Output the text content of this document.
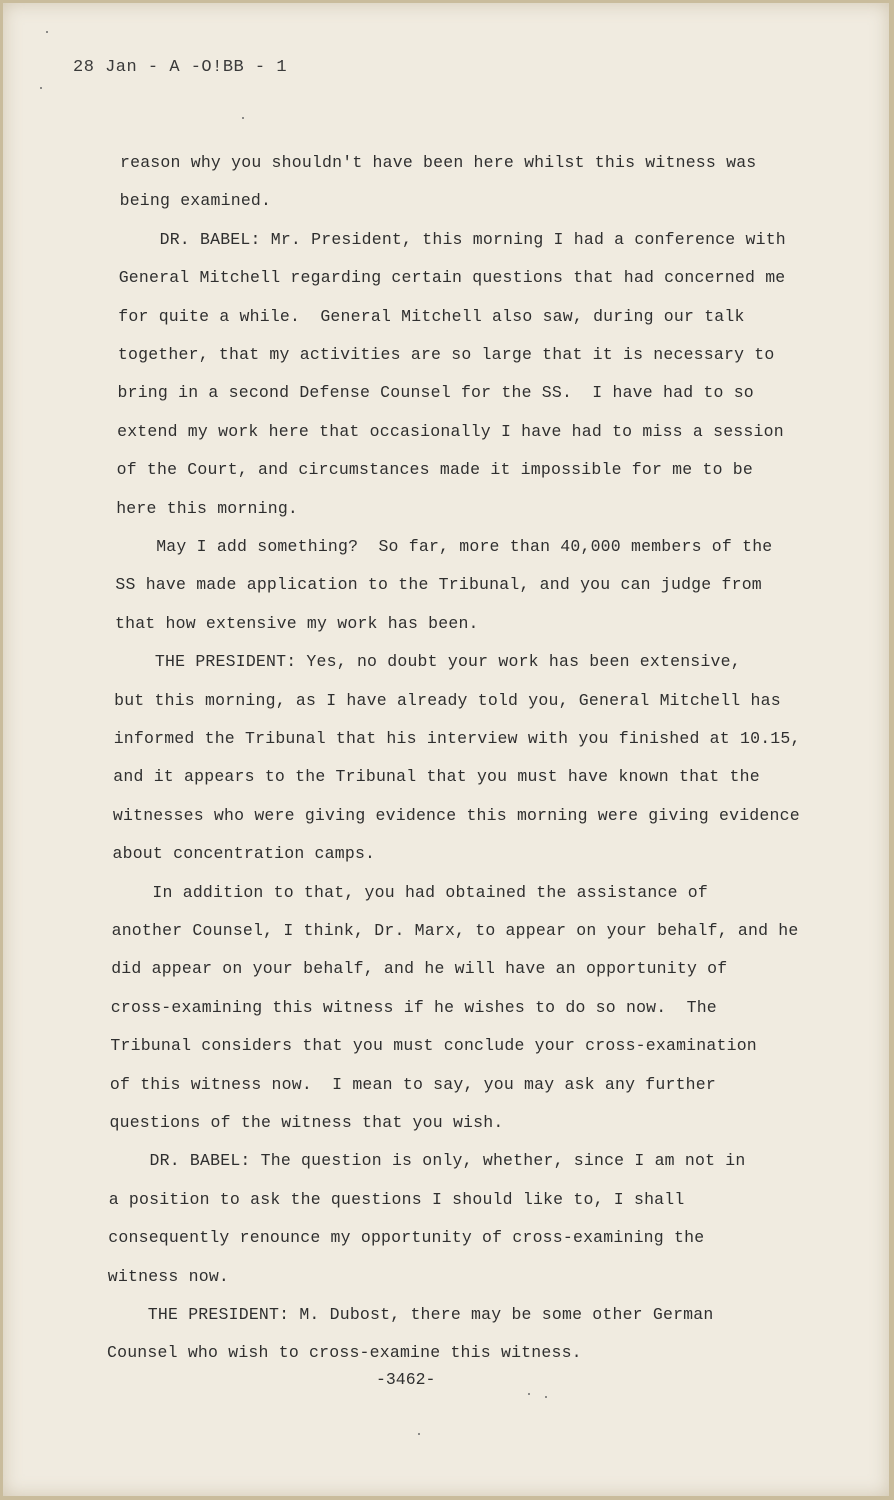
28 Jan - A -O!BB - 1
reason why you shouldn't have been here whilst this witness was
being examined.
DR. BABEL: Mr. President, this morning I had a conference with
General Mitchell regarding certain questions that had concerned me
for quite a while.  General Mitchell also saw, during our talk
together, that my activities are so large that it is necessary to
bring in a second Defense Counsel for the SS.  I have had to so
extend my work here that occasionally I have had to miss a session
of the Court, and circumstances made it impossible for me to be
here this morning.
May I add something?  So far, more than 40,000 members of the
SS have made application to the Tribunal, and you can judge from
that how extensive my work has been.
THE PRESIDENT: Yes, no doubt your work has been extensive,
but this morning, as I have already told you, General Mitchell has
informed the Tribunal that his interview with you finished at 10.15,
and it appears to the Tribunal that you must have known that the
witnesses who were giving evidence this morning were giving evidence
about concentration camps.
In addition to that, you had obtained the assistance of
another Counsel, I think, Dr. Marx, to appear on your behalf, and he
did appear on your behalf, and he will have an opportunity of
cross-examining this witness if he wishes to do so now.  The
Tribunal considers that you must conclude your cross-examination
of this witness now.  I mean to say, you may ask any further
questions of the witness that you wish.
DR. BABEL: The question is only, whether, since I am not in
a position to ask the questions I should like to, I shall
consequently renounce my opportunity of cross-examining the
witness now.
THE PRESIDENT: M. Dubost, there may be some other German
Counsel who wish to cross-examine this witness.
-3462-
